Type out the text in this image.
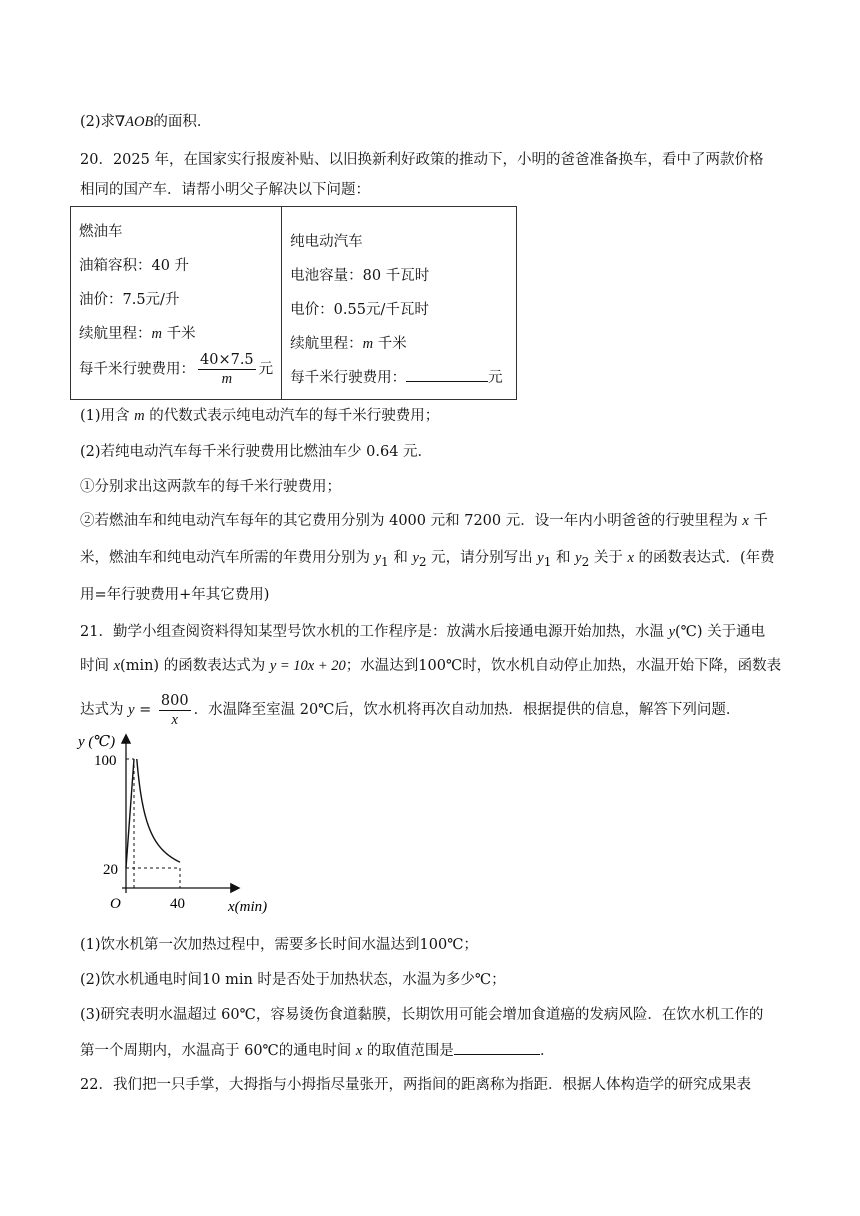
(2)求∇AOB的面积．
20．2025 年，在国家实行报废补贴、以旧换新利好政策的推动下，小明的爸爸准备换车，看中了两款价格
相同的国产车．请帮小明父子解决以下问题：
燃油车
油箱容积：40 升
油价：7.5元/升
续航里程：m 千米
每千米行驶费用： $\frac{40\times 7.5}{m}$ 元

纯电动汽车
电池容量：80 千瓦时
电价：0.55元/千瓦时
续航里程：m 千米
每千米行驶费用：	元
(1)用含 m 的代数式表示纯电动汽车的每千米行驶费用；
(2)若纯电动汽车每千米行驶费用比燃油车少 0.64 元．
①分别求出这两款车的每千米行驶费用；
②若燃油车和纯电动汽车每年的其它费用分别为 4000 元和 7200 元．设一年内小明爸爸的行驶里程为 x 千
米，燃油车和纯电动汽车所需的年费用分别为 $y_1$ 和 $y_2$ 元，请分别写出 $y_1$ 和 $y_2$ 关于 x 的函数表达式．(年费
用=年行驶费用+年其它费用)
21．勤学小组查阅资料得知某型号饮水机的工作程序是：放满水后接通电源开始加热，水温 y(℃) 关于通电
时间 x(min) 的函数表达式为 y = 10x + 20；水温达到100℃时，饮水机自动停止加热，水温开始下降，函数表
达式为 $y = \frac{800}{x}$ ．水温降至室温 20℃后，饮水机将再次自动加热．根据提供的信息，解答下列问题．
y (℃)
x(min)
O
100
20
40
(1)饮水机第一次加热过程中，需要多长时间水温达到100℃；
(2)饮水机通电时间10 min 时是否处于加热状态，水温为多少℃；
(3)研究表明水温超过 60℃，容易烫伤食道黏膜，长期饮用可能会增加食道癌的发病风险．在饮水机工作的
第一个周期内，水温高于 60℃的通电时间 x 的取值范围是	．
22．我们把一只手掌，大拇指与小拇指尽量张开，两指间的距离称为指距．根据人体构造学的研究成果表
